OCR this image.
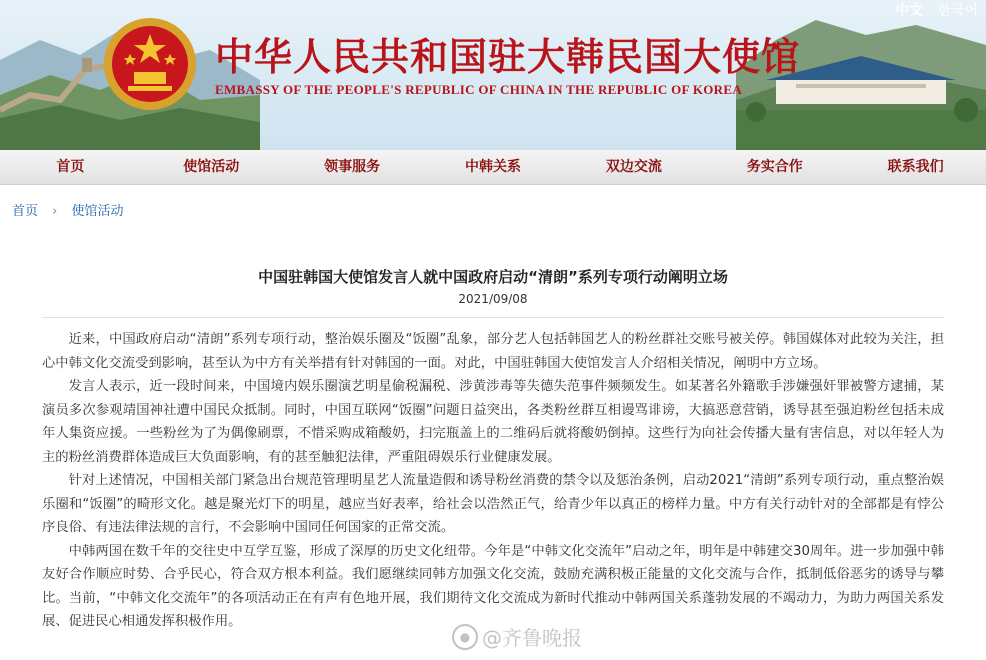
中华人民共和国驻大韩民国大使馆
EMBASSY OF THE PEOPLE'S REPUBLIC OF CHINA IN THE REPUBLIC OF KOREA
中文 한국어
首页	使馆活动	领事服务	中韩关系	双边交流	务实合作	联系我们
首页 › 使馆活动
中国驻韩国大使馆发言人就中国政府启动“清朗”系列专项行动阐明立场
2021/09/08

近来，中国政府启动“清朗”系列专项行动，整治娱乐圈及“饭圈”乱象，部分艺人包括韩国艺人的粉丝群社交账号被关停。韩国媒体对此较为关注，担心中韩文化交流受到影响，甚至认为中方有关举措有针对韩国的一面。对此，中国驻韩国大使馆发言人介绍相关情况，阐明中方立场。

发言人表示，近一段时间来，中国境内娱乐圈演艺明星偷税漏税、涉黄涉毒等失德失范事件频频发生。如某著名外籍歌手涉嫌强奸罪被警方逮捕，某演员多次参观靖国神社遭中国民众抵制。同时，中国互联网“饭圈”问题日益突出，各类粉丝群互相谩骂诽谤，大搞恶意营销，诱导甚至强迫粉丝包括未成年人集资应援。一些粉丝为了为偶像刷票，不惜采购成箱酸奶，扫完瓶盖上的二维码后就将酸奶倒掉。这些行为向社会传播大量有害信息，对以年轻人为主的粉丝消费群体造成巨大负面影响，有的甚至触犯法律，严重阻碍娱乐行业健康发展。

针对上述情况，中国相关部门紧急出台规范管理明星艺人流量造假和诱导粉丝消费的禁令以及惩治条例，启动2021“清朗”系列专项行动，重点整治娱乐圈和“饭圈”的畸形文化。越是聚光灯下的明星，越应当好表率，给社会以浩然正气，给青少年以真正的榜样力量。中方有关行动针对的全部都是有悖公序良俗、有违法律法规的言行，不会影响中国同任何国家的正常交流。

中韩两国在数千年的交往史中互学互鉴，形成了深厚的历史文化纽带。今年是“中韩文化交流年”启动之年，明年是中韩建交30周年。进一步加强中韩友好合作顺应时势、合乎民心，符合双方根本利益。我们愿继续同韩方加强文化交流，鼓励充满积极正能量的文化交流与合作，抵制低俗恶劣的诱导与攀比。当前，“中韩文化交流年”的各项活动正在有声有色地开展，我们期待文化交流成为新时代推动中韩两国关系蓬勃发展的不竭动力，为助力两国关系发展、促进民心相通发挥积极作用。

● @齐鲁晚报
